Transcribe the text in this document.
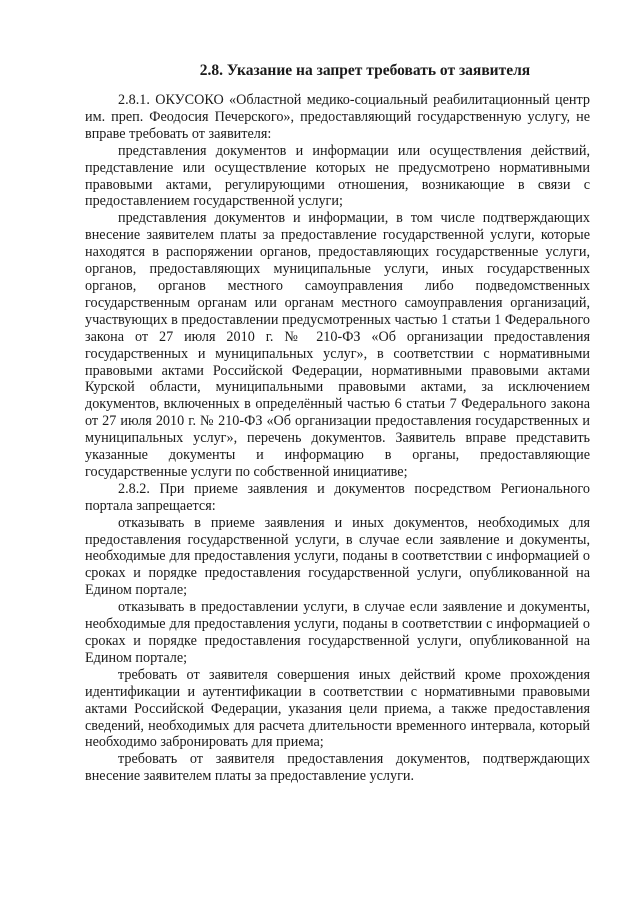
2.8. Указание на запрет требовать от заявителя

2.8.1. ОКУСОКО «Областной медико-социальный реабилитационный центр им. преп. Феодосия Печерского», предоставляющий государственную услугу, не вправе требовать от заявителя:

представления документов и информации или осуществления действий, представление или осуществление которых не предусмотрено нормативными правовыми актами, регулирующими отношения, возникающие в связи с предоставлением государственной услуги;

представления документов и информации, в том числе подтверждающих внесение заявителем платы за предоставление государственной услуги, которые находятся в распоряжении органов, предоставляющих государственные услуги, органов, предоставляющих муниципальные услуги, иных государственных органов, органов местного самоуправления либо подведомственных государственным органам или органам местного самоуправления организаций, участвующих в предоставлении предусмотренных частью 1 статьи 1 Федерального закона от 27 июля 2010 г. № 210-ФЗ «Об организации предоставления государственных и муниципальных услуг», в соответствии с нормативными правовыми актами Российской Федерации, нормативными правовыми актами Курской области, муниципальными правовыми актами, за исключением документов, включенных в определённый частью 6 статьи 7 Федерального закона от 27 июля 2010 г. № 210-ФЗ «Об организации предоставления государственных и муниципальных услуг», перечень документов. Заявитель вправе представить указанные документы и информацию в органы, предоставляющие государственные услуги по собственной инициативе;

2.8.2. При приеме заявления и документов посредством Регионального портала запрещается:

отказывать в приеме заявления и иных документов, необходимых для предоставления государственной услуги, в случае если заявление и документы, необходимые для предоставления услуги, поданы в соответствии с информацией о сроках и порядке предоставления государственной услуги, опубликованной на Едином портале;

отказывать в предоставлении услуги, в случае если заявление и документы, необходимые для предоставления услуги, поданы в соответствии с информацией о сроках и порядке предоставления государственной услуги, опубликованной на Едином портале;

требовать от заявителя совершения иных действий кроме прохождения идентификации и аутентификации в соответствии с нормативными правовыми актами Российской Федерации, указания цели приема, а также предоставления сведений, необходимых для расчета длительности временного интервала, который необходимо забронировать для приема;

требовать от заявителя предоставления документов, подтверждающих внесение заявителем платы за предоставление услуги.
